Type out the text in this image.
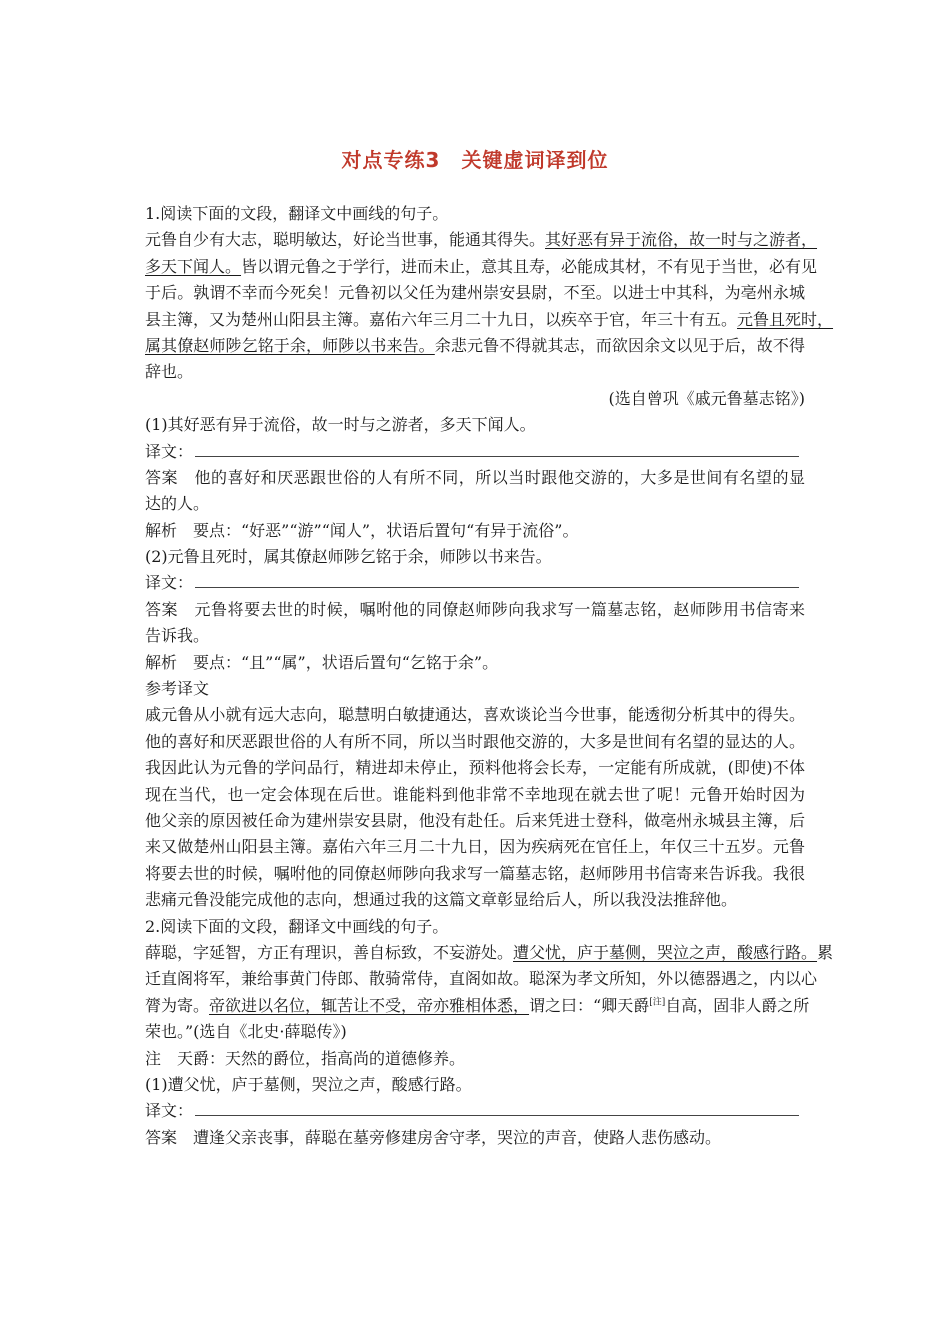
对点专练3　关键虚词译到位
1.阅读下面的文段，翻译文中画线的句子。
元鲁自少有大志，聪明敏达，好论当世事，能通其得失。其好恶有异于流俗，故一时与之游者，
多天下闻人。皆以谓元鲁之于学行，进而未止，意其且寿，必能成其材，不有见于当世，必有见
于后。孰谓不幸而今死矣！元鲁初以父任为建州崇安县尉，不至。以进士中其科，为亳州永城
县主簿，又为楚州山阳县主簿。嘉佑六年三月二十九日，以疾卒于官，年三十有五。元鲁且死时，
属其僚赵师陟乞铭于余，师陟以书来告。余悲元鲁不得就其志，而欲因余文以见于后，故不得
辞也。
(选自曾巩《戚元鲁墓志铭》)
(1)其好恶有异于流俗，故一时与之游者，多天下闻人。
译文：
答案　他的喜好和厌恶跟世俗的人有所不同，所以当时跟他交游的，大多是世间有名望的显
达的人。
解析　要点：“好恶”“游”“闻人”，状语后置句“有异于流俗”。
(2)元鲁且死时，属其僚赵师陟乞铭于余，师陟以书来告。
译文：
答案　元鲁将要去世的时候，嘱咐他的同僚赵师陟向我求写一篇墓志铭，赵师陟用书信寄来
告诉我。
解析　要点：“且”“属”，状语后置句“乞铭于余”。
参考译文
戚元鲁从小就有远大志向，聪慧明白敏捷通达，喜欢谈论当今世事，能透彻分析其中的得失。
他的喜好和厌恶跟世俗的人有所不同，所以当时跟他交游的，大多是世间有名望的显达的人。
我因此认为元鲁的学问品行，精进却未停止，预料他将会长寿，一定能有所成就，(即使)不体
现在当代，也一定会体现在后世。谁能料到他非常不幸地现在就去世了呢！元鲁开始时因为
他父亲的原因被任命为建州崇安县尉，他没有赴任。后来凭进士登科，做亳州永城县主簿，后
来又做楚州山阳县主簿。嘉佑六年三月二十九日，因为疾病死在官任上，年仅三十五岁。元鲁
将要去世的时候，嘱咐他的同僚赵师陟向我求写一篇墓志铭，赵师陟用书信寄来告诉我。我很
悲痛元鲁没能完成他的志向，想通过我的这篇文章彰显给后人，所以我没法推辞他。
2.阅读下面的文段，翻译文中画线的句子。
薛聪，字延智，方正有理识，善自标致，不妄游处。遭父忧，庐于墓侧，哭泣之声，酸感行路。累
迁直阁将军，兼给事黄门侍郎、散骑常侍，直阁如故。聪深为孝文所知，外以德器遇之，内以心
膂为寄。帝欲进以名位，辄苦让不受，帝亦雅相体悉，谓之曰：“卿天爵[注]自高，固非人爵之所
荣也。”(选自《北史·薛聪传》)
注　天爵：天然的爵位，指高尚的道德修养。
(1)遭父忧，庐于墓侧，哭泣之声，酸感行路。
译文：
答案　遭逢父亲丧事，薛聪在墓旁修建房舍守孝，哭泣的声音，使路人悲伤感动。
